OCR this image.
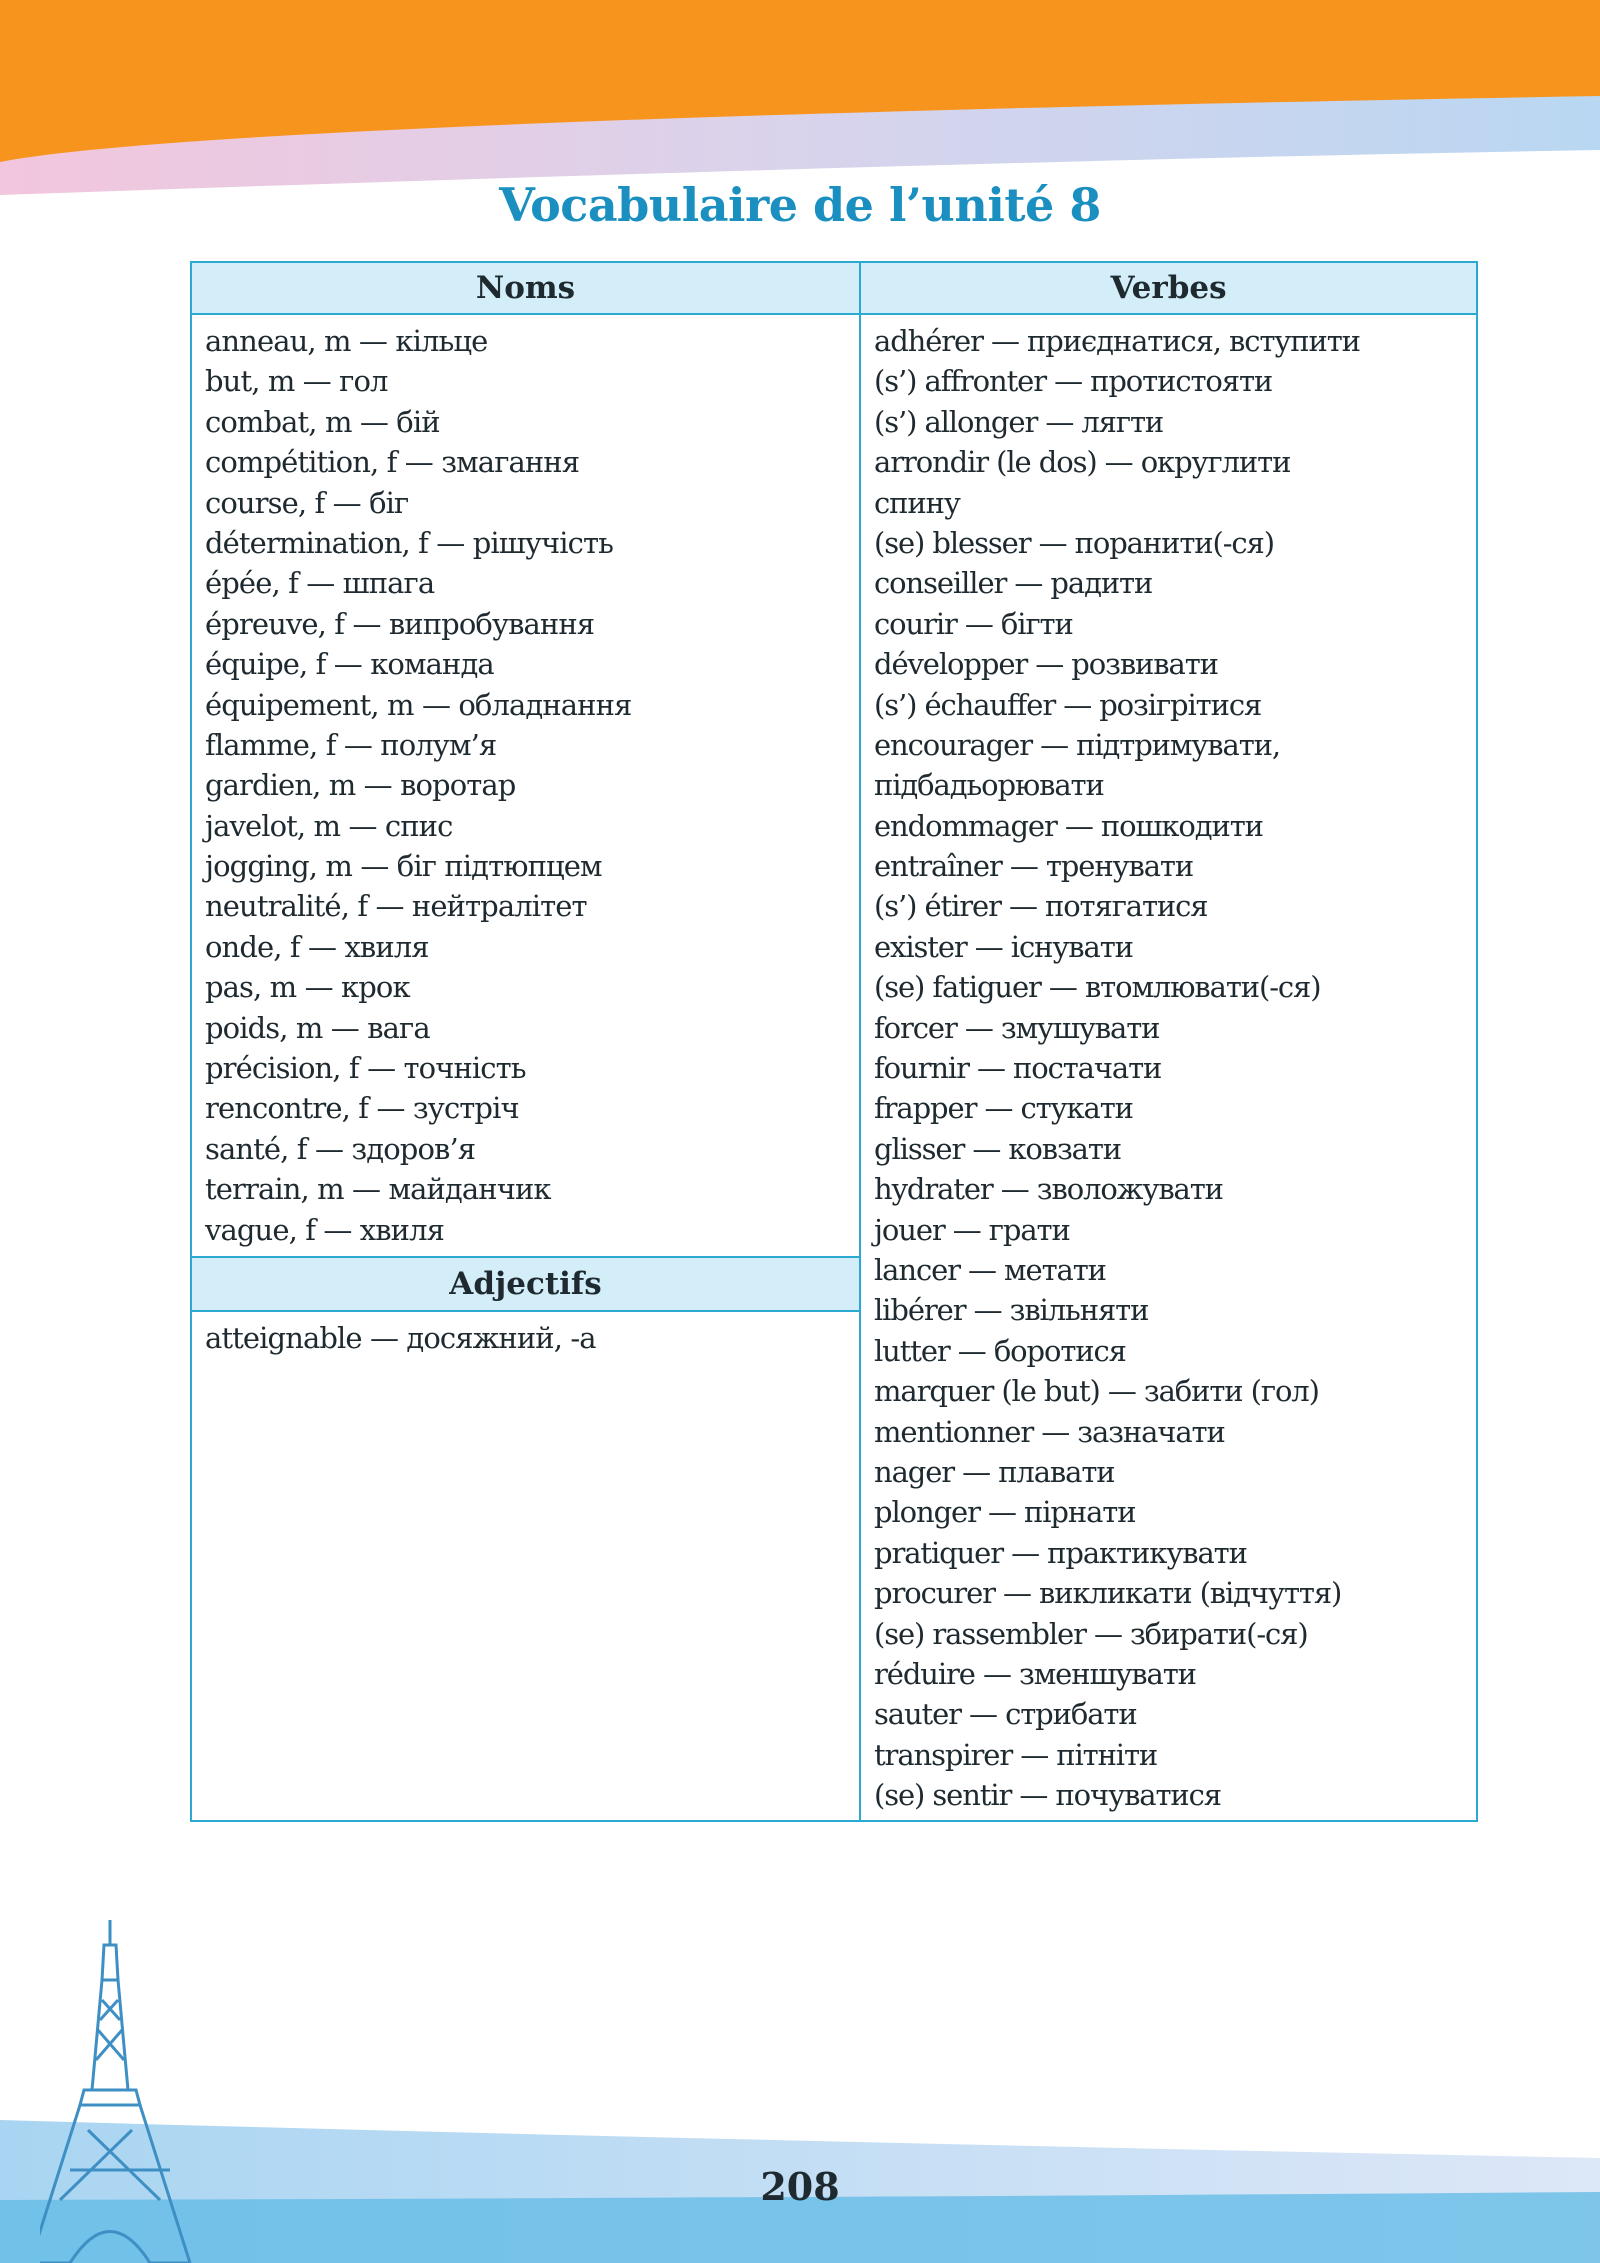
Vocabulaire de l’unité 8
Noms
anneau, m — кільце
but, m — гол
combat, m — бій
compétition, f — змагання
course, f — біг
détermination, f — рішучість
épée, f — шпага
épreuve, f — випробування
équipe, f — команда
équipement, m — обладнання
flamme, f — полум’я
gardien, m — воротар
javelot, m — спис
jogging, m — біг підтюпцем
neutralité, f — нейтралітет
onde, f — хвиля
pas, m — крок
poids, m — вага
précision, f — точність
rencontre, f — зустріч
santé, f — здоров’я
terrain, m — майданчик
vague, f — хвиля
Adjectifs
atteignable — досяжний, -а
Verbes
adhérer — приєднатися, вступити
(s’) affronter — протистояти
(s’) allonger — лягти
arrondir (le dos) — округлити
спину
(se) blesser — поранити(-ся)
conseiller — радити
courir — бігти
développer — розвивати
(s’) échauffer — розігрітися
encourager — підтримувати,
підбадьорювати
endommager — пошкодити
entraîner — тренувати
(s’) étirer — потягатися
exister — існувати
(se) fatiguer — втомлювати(-ся)
forcer — змушувати
fournir — постачати
frapper — стукати
glisser — ковзати
hydrater — зволожувати
jouer — грати
lancer — метати
libérer — звільняти
lutter — боротися
marquer (le but) — забити (гол)
mentionner — зазначати
nager — плавати
plonger — пірнати
pratiquer — практикувати
procurer — викликати (відчуття)
(se) rassembler — збирати(-ся)
réduire — зменшувати
sauter — стрибати
transpirer — пітніти
(se) sentir — почуватися
208
